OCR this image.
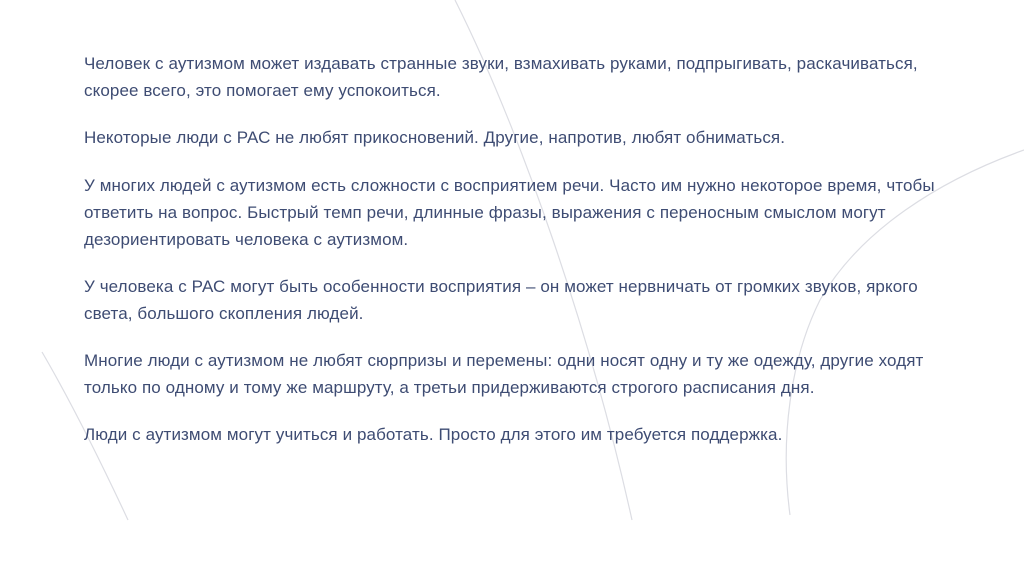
Человек с аутизмом может издавать странные звуки, взмахивать руками, подпрыгивать, раскачиваться, скорее всего, это помогает ему успокоиться.

Некоторые люди с РАС не любят прикосновений. Другие, напротив, любят обниматься.

У многих людей с аутизмом есть сложности с восприятием речи. Часто им нужно некоторое время, чтобы ответить на вопрос. Быстрый темп речи, длинные фразы, выражения с переносным смыслом могут дезориентировать человека с аутизмом.

У человека с РАС могут быть особенности восприятия – он может нервничать от громких звуков, яркого света, большого скопления людей.

Многие люди с аутизмом не любят сюрпризы и перемены: одни носят одну и ту же одежду, другие ходят только по одному и тому же маршруту, а третьи придерживаются строгого расписания дня.

Люди с аутизмом могут учиться и работать. Просто для этого им требуется поддержка.
